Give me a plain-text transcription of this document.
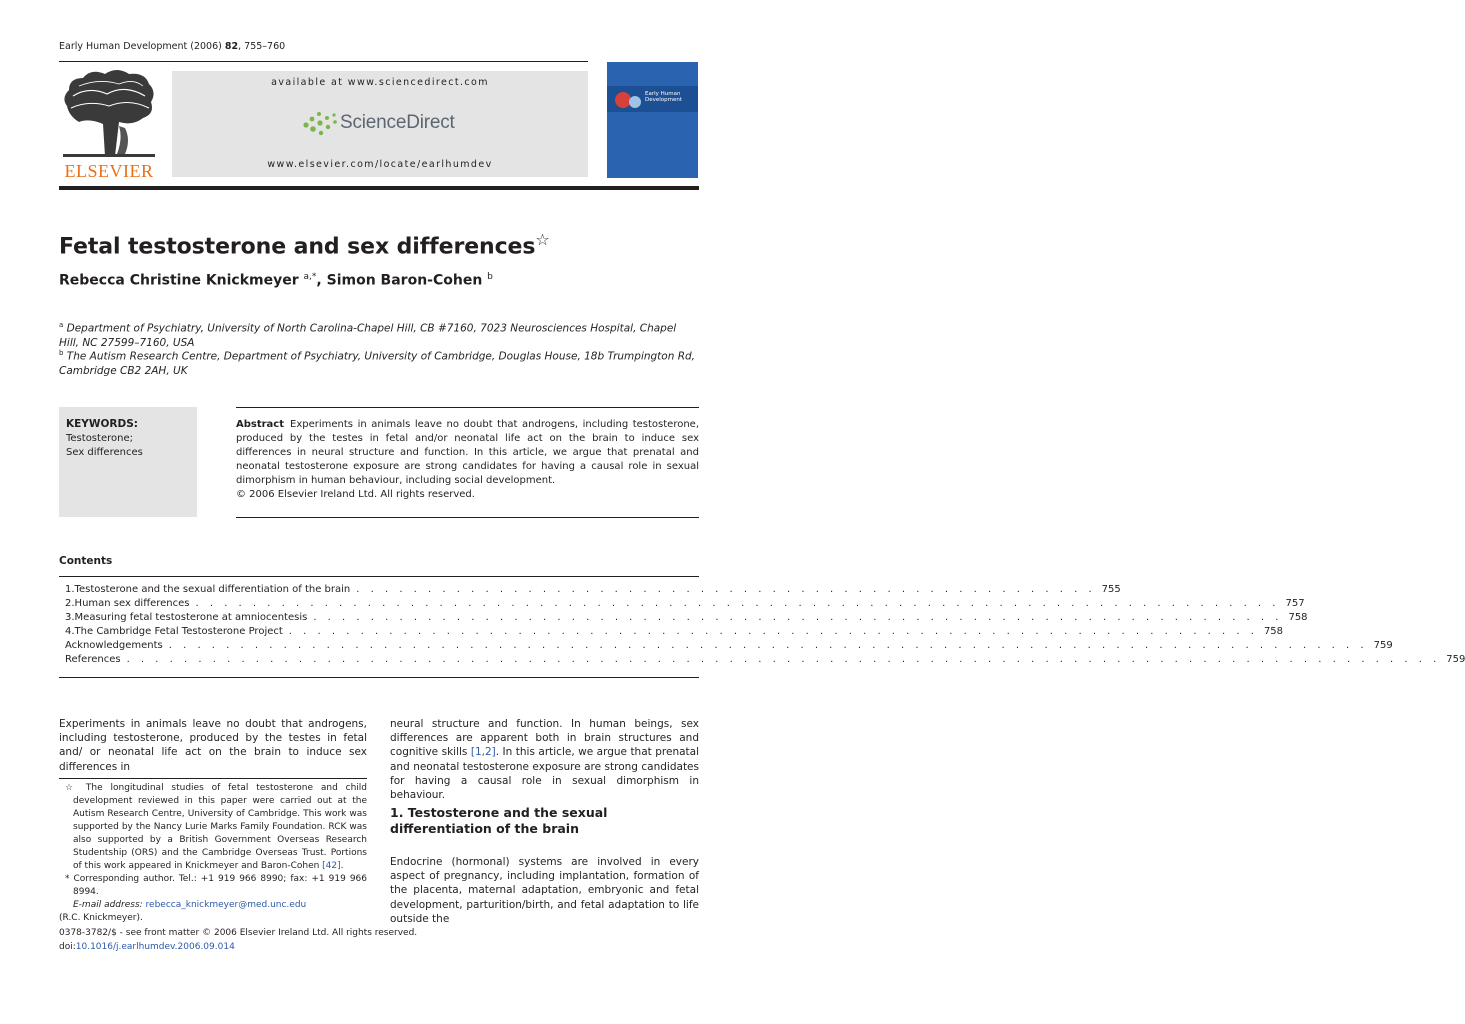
Early Human Development (2006) 82, 755–760
ELSEVIER
available at www.sciencedirect.com
ScienceDirect
www.elsevier.com/locate/earlhumdev
Early Human Development
Fetal testosterone and sex differences☆
Rebecca Christine Knickmeyer $^{a,*}$, Simon Baron-Cohen $^b$
$^a$ Department of Psychiatry, University of North Carolina-Chapel Hill, CB #7160, 7023 Neurosciences Hospital, Chapel Hill, NC 27599–7160, USA
$^b$ The Autism Research Centre, Department of Psychiatry, University of Cambridge, Douglas House, 18b Trumpington Rd, Cambridge CB2 2AH, UK
KEYWORDS:
Testosterone;
Sex differences
Abstract Experiments in animals leave no doubt that androgens, including testosterone, produced by the testes in fetal and/or neonatal life act on the brain to induce sex differences in neural structure and function. In this article, we argue that prenatal and neonatal testosterone exposure are strong candidates for having a causal role in sexual dimorphism in human behaviour, including social development.
© 2006 Elsevier Ireland Ltd. All rights reserved.
Contents
1. Testosterone and the sexual differentiation of the brain . . . . . . . . . . . . . . . . . . . . . . . . . . . . . . . . . . . . . . . . . . . . . . . . . . . . 755
2. Human sex differences . . . . . . . . . . . . . . . . . . . . . . . . . . . . . . . . . . . . . . . . . . . . . . . . . . . . . . . . . . . . . . . . . . . . . . . . . . . . 757
3. Measuring fetal testosterone at amniocentesis . . . . . . . . . . . . . . . . . . . . . . . . . . . . . . . . . . . . . . . . . . . . . . . . . . . . . . . . . . . . . . . . . . . . 758
4. The Cambridge Fetal Testosterone Project . . . . . . . . . . . . . . . . . . . . . . . . . . . . . . . . . . . . . . . . . . . . . . . . . . . . . . . . . . . . . . . . . . . . 758
Acknowledgements . . . . . . . . . . . . . . . . . . . . . . . . . . . . . . . . . . . . . . . . . . . . . . . . . . . . . . . . . . . . . . . . . . . . . . . . . . . . . . . . . . . . 759
References . . . . . . . . . . . . . . . . . . . . . . . . . . . . . . . . . . . . . . . . . . . . . . . . . . . . . . . . . . . . . . . . . . . . . . . . . . . . . . . . . . . . . . . . . . . . 759
Experiments in animals leave no doubt that androgens, including testosterone, produced by the testes in fetal and/ or neonatal life act on the brain to induce sex differences in
☆ The longitudinal studies of fetal testosterone and child development reviewed in this paper were carried out at the Autism Research Centre, University of Cambridge. This work was supported by the Nancy Lurie Marks Family Foundation. RCK was also supported by a British Government Overseas Research Studentship (ORS) and the Cambridge Overseas Trust. Portions of this work appeared in Knickmeyer and Baron-Cohen [42].
* Corresponding author. Tel.: +1 919 966 8990; fax: +1 919 966 8994.
E-mail address: rebecca_knickmeyer@med.unc.edu
(R.C. Knickmeyer).
neural structure and function. In human beings, sex differences are apparent both in brain structures and cognitive skills [1,2]. In this article, we argue that prenatal and neonatal testosterone exposure are strong candidates for having a causal role in sexual dimorphism in behaviour.
1. Testosterone and the sexual differentiation of the brain
Endocrine (hormonal) systems are involved in every aspect of pregnancy, including implantation, formation of the placenta, maternal adaptation, embryonic and fetal development, parturition/birth, and fetal adaptation to life outside the
0378-3782/$ - see front matter © 2006 Elsevier Ireland Ltd. All rights reserved.
doi:10.1016/j.earlhumdev.2006.09.014
